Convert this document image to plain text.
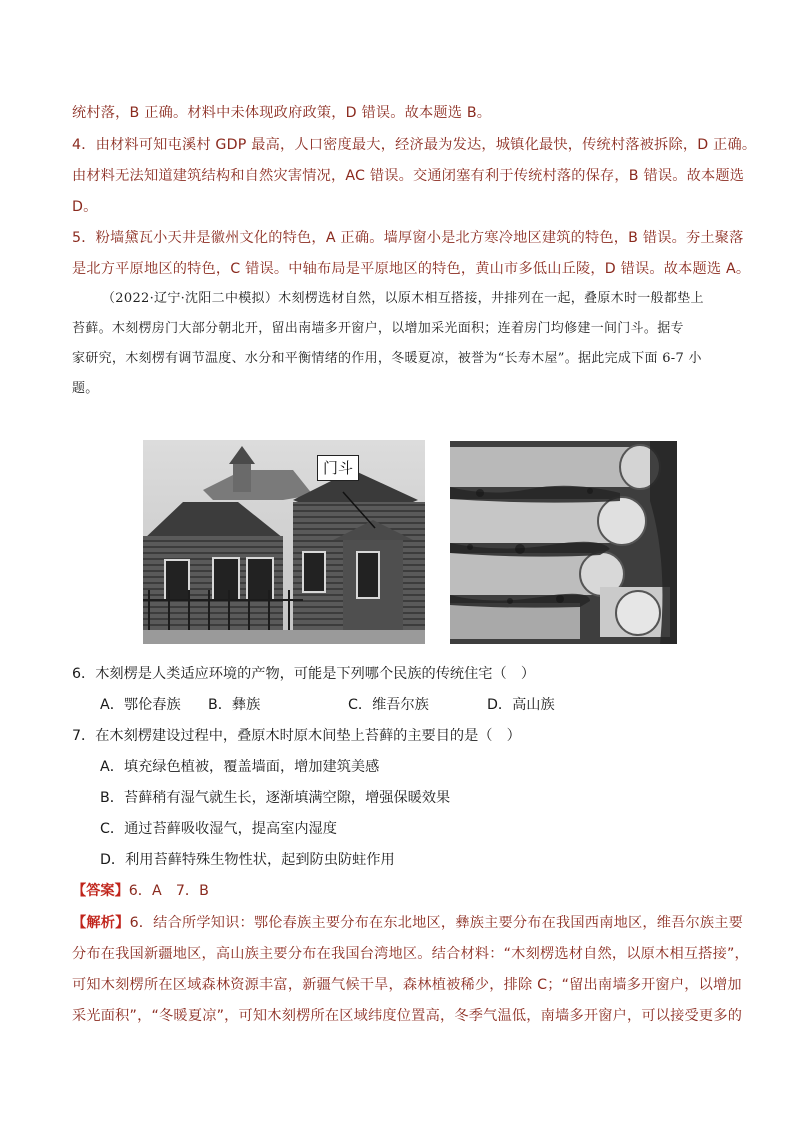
统村落，B 正确。材料中未体现政府政策，D 错误。故本题选 B。
4．由材料可知屯溪村 GDP 最高，人口密度最大，经济最为发达，城镇化最快，传统村落被拆除，D 正确。
由材料无法知道建筑结构和自然灾害情况，AC 错误。交通闭塞有利于传统村落的保存，B 错误。故本题选
D。
5．粉墙黛瓦小天井是徽州文化的特色，A 正确。墙厚窗小是北方寒冷地区建筑的特色，B 错误。夯土聚落
是北方平原地区的特色，C 错误。中轴布局是平原地区的特色，黄山市多低山丘陵，D 错误。故本题选 A。

（2022·辽宁·沈阳二中模拟）木刻楞选材自然，以原木相互搭接，井排列在一起，叠原木时一般都垫上

苔藓。木刻楞房门大部分朝北开，留出南墙多开窗户，以增加采光面积；连着房门均修建一间门斗。据专

家研究，木刻楞有调节温度、水分和平衡情绪的作用，冬暖夏凉，被誉为“长寿木屋”。据此完成下面 6-7 小

题。

门斗
6．木刻楞是人类适应环境的产物，可能是下列哪个民族的传统住宅（　）
A．鄂伦春族 B．彝族	C．维吾尔族	D．高山族
7．在木刻楞建设过程中，叠原木时原木间垫上苔藓的主要目的是（　）
A．填充绿色植被，覆盖墙面，增加建筑美感
B．苔藓稍有湿气就生长，逐渐填满空隙，增强保暖效果
C．通过苔藓吸收湿气，提高室内湿度
D．利用苔藓特殊生物性状，起到防虫防蛀作用
【答案】6．A　7．B
【解析】6．结合所学知识：鄂伦春族主要分布在东北地区，彝族主要分布在我国西南地区，维吾尔族主要
分布在我国新疆地区，高山族主要分布在我国台湾地区。结合材料：“木刻楞选材自然，以原木相互搭接”，
可知木刻楞所在区域森林资源丰富，新疆气候干旱，森林植被稀少，排除 C；“留出南墙多开窗户，以增加
采光面积”，“冬暖夏凉”，可知木刻楞所在区域纬度位置高，冬季气温低，南墙多开窗户，可以接受更多的
